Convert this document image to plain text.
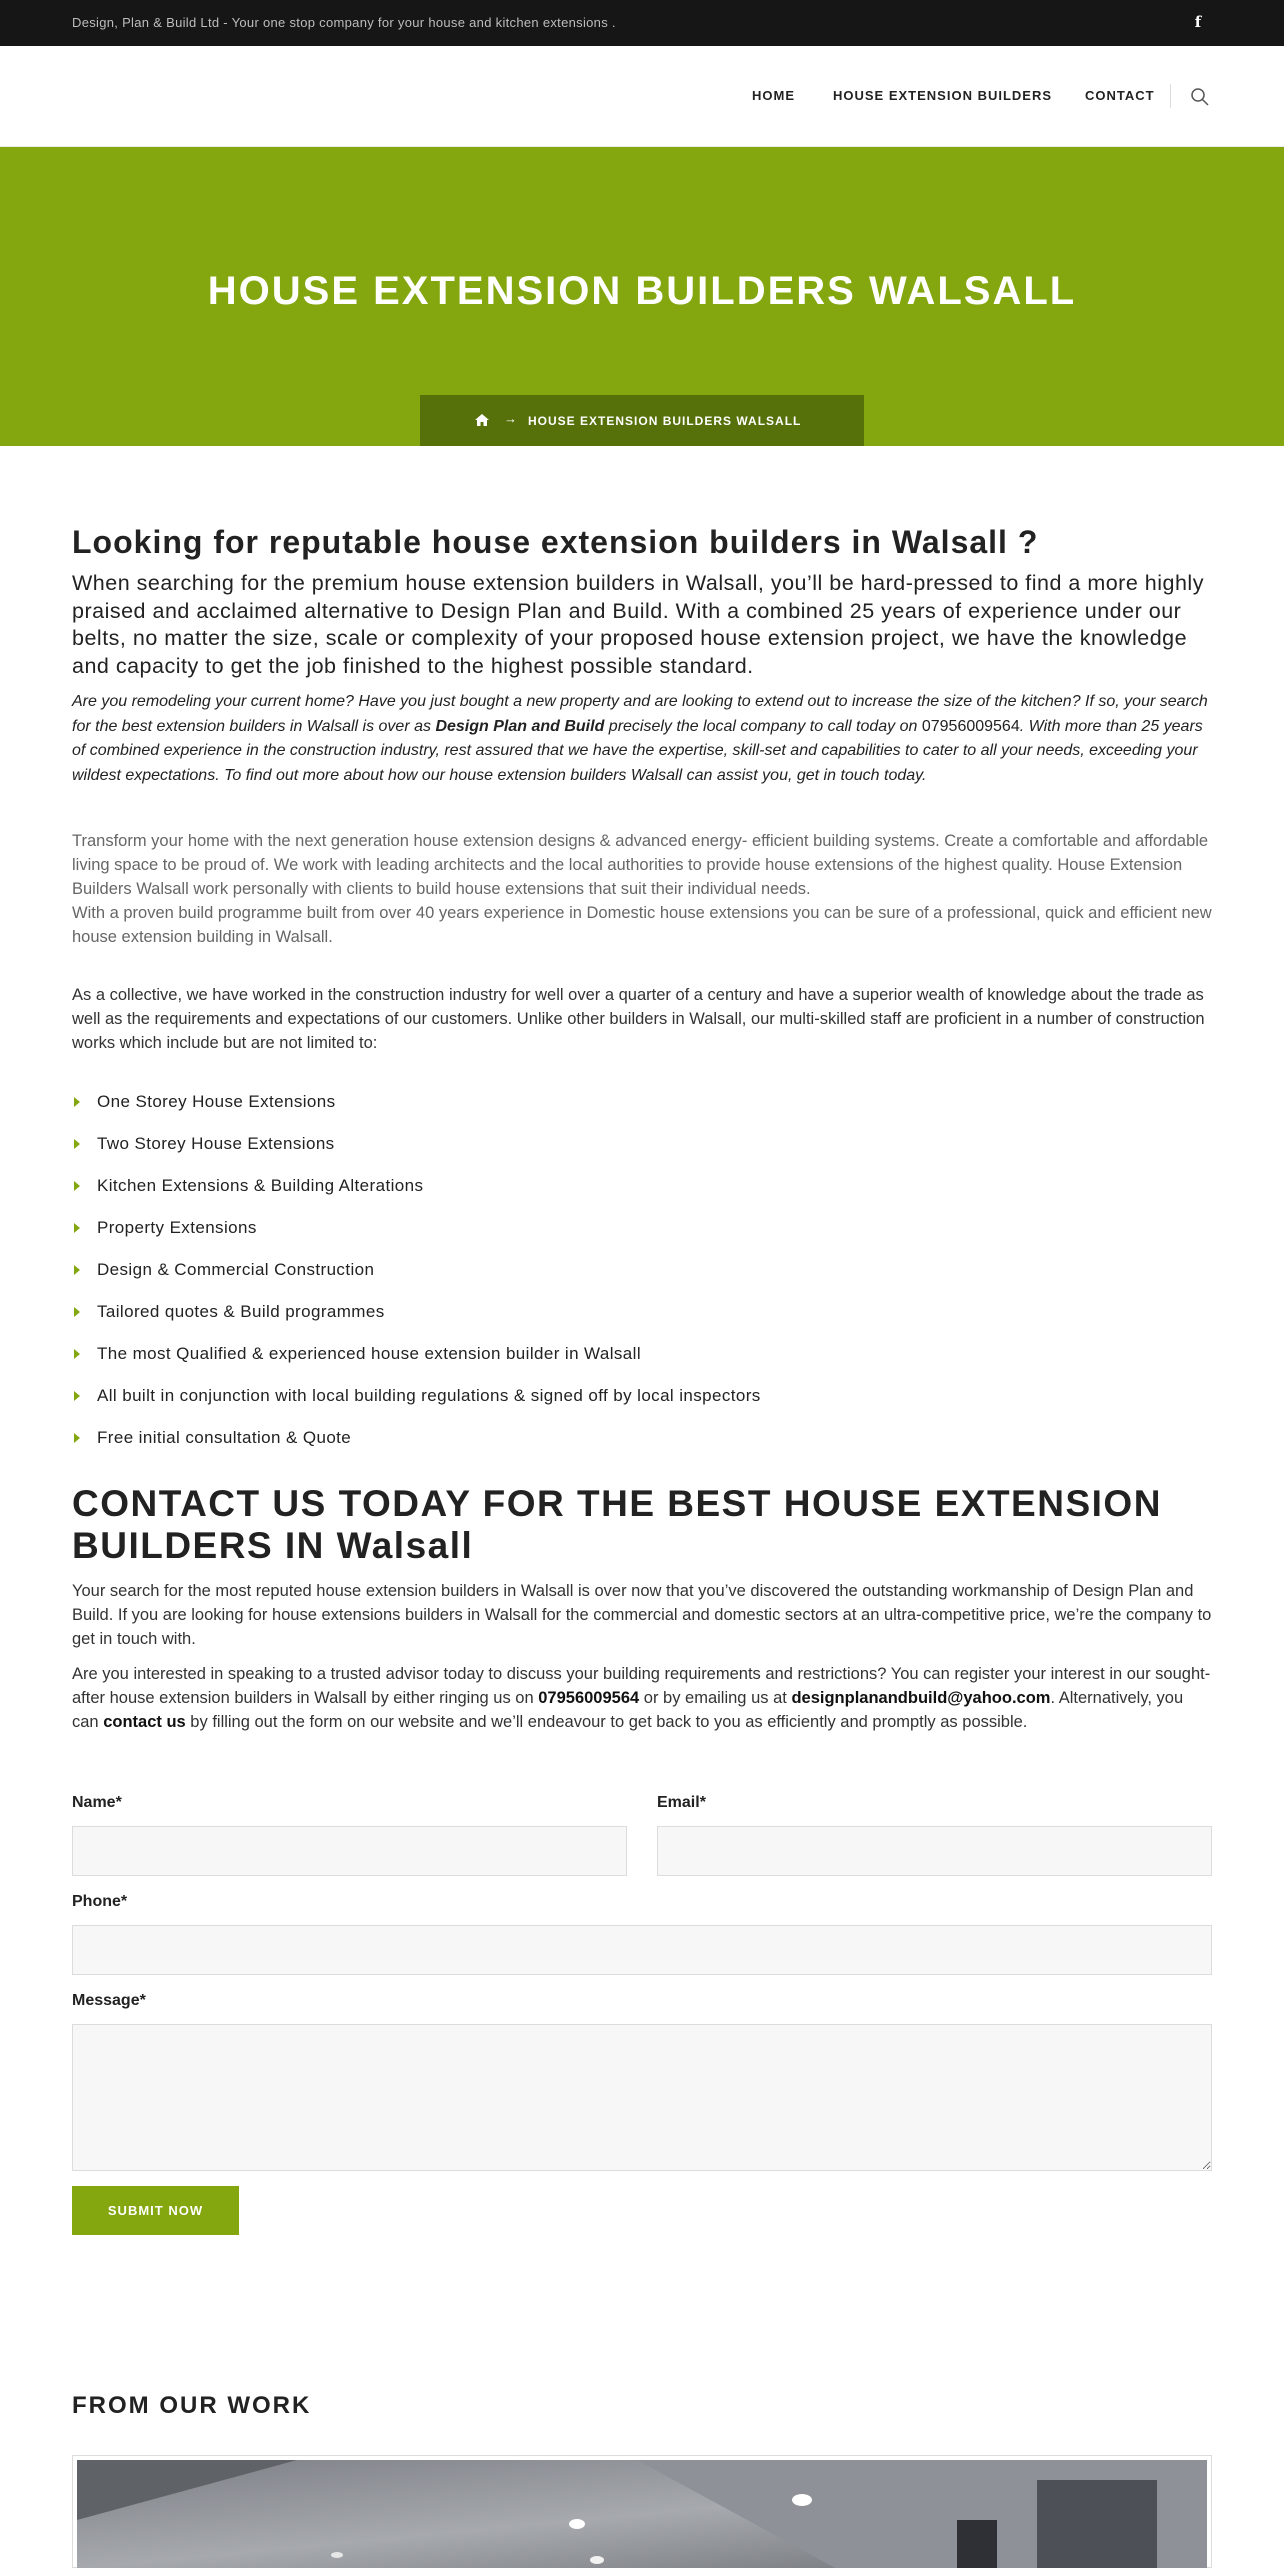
Design, Plan & Build Ltd - Your one stop company for your house and kitchen extensions .	f
HOME	HOUSE EXTENSION BUILDERS	CONTACT
HOUSE EXTENSION BUILDERS WALSALL
→ HOUSE EXTENSION BUILDERS WALSALL
Looking for reputable house extension builders in Walsall ?

When searching for the premium house extension builders in Walsall, you’ll be hard-pressed to find a more highly praised and acclaimed alternative to Design Plan and Build. With a combined 25 years of experience under our belts, no matter the size, scale or complexity of your proposed house extension project, we have the knowledge and capacity to get the job finished to the highest possible standard.

Are you remodeling your current home? Have you just bought a new property and are looking to extend out to increase the size of the kitchen? If so, your search for the best extension builders in Walsall is over as Design Plan and Build precisely the local company to call today on 07956009564. With more than 25 years of combined experience in the construction industry, rest assured that we have the expertise, skill-set and capabilities to cater to all your needs, exceeding your wildest expectations. To find out more about how our house extension builders Walsall can assist you, get in touch today.

Transform your home with the next generation house extension designs & advanced energy- efficient building systems. Create a comfortable and affordable living space to be proud of. We work with leading architects and the local authorities to provide house extensions of the highest quality. House Extension Builders Walsall work personally with clients to build house extensions that suit their individual needs.
With a proven build programme built from over 40 years experience in Domestic house extensions you can be sure of a professional, quick and efficient new house extension building in Walsall.

As a collective, we have worked in the construction industry for well over a quarter of a century and have a superior wealth of knowledge about the trade as well as the requirements and expectations of our customers. Unlike other builders in Walsall, our multi-skilled staff are proficient in a number of construction works which include but are not limited to:

One Storey House Extensions
Two Storey House Extensions
Kitchen Extensions & Building Alterations
Property Extensions
Design & Commercial Construction
Tailored quotes & Build programmes
The most Qualified & experienced house extension builder in Walsall
All built in conjunction with local building regulations & signed off by local inspectors
Free initial consultation & Quote
CONTACT US TODAY FOR THE BEST HOUSE EXTENSION BUILDERS IN Walsall

Your search for the most reputed house extension builders in Walsall is over now that you’ve discovered the outstanding workmanship of Design Plan and Build. If you are looking for house extensions builders in Walsall for the commercial and domestic sectors at an ultra-competitive price, we’re the company to get in touch with.

Are you interested in speaking to a trusted advisor today to discuss your building requirements and restrictions? You can register your interest in our sought-after house extension builders in Walsall by either ringing us on 07956009564 or by emailing us at designplanandbuild@yahoo.com. Alternatively, you can contact us by filling out the form on our website and we’ll endeavour to get back to you as efficiently and promptly as possible.

Name*	Email*
Phone*
Message*
SUBMIT NOW
FROM OUR WORK
